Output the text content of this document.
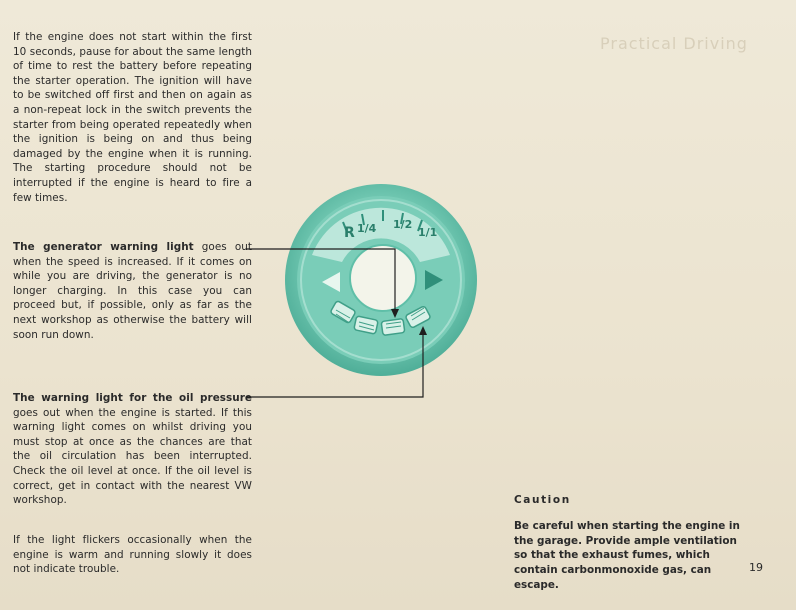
Practical Driving

If the engine does not start within the first 10 seconds, pause for about the same length of time to rest the battery before repeating the starter operation. The ignition will have to be switched off first and then on again as a non-repeat lock in the switch prevents the starter from being operated repeatedly when the ignition is being on and thus being damaged by the engine when it is running. The starting procedure should not be interrupted if the engine is heard to fire a few times.

The generator warning light goes out when the speed is increased. If it comes on while you are driving, the generator is no longer charging. In this case you can proceed but, if possible, only as far as the next workshop as otherwise the battery will soon run down.

The warning light for the oil pressure goes out when the engine is started. If this warning light comes on whilst driving you must stop at once as the chances are that the oil circulation has been interrupted. Check the oil level at once. If the oil level is correct, get in contact with the nearest VW workshop.

If the light flickers occasionally when the engine is warm and running slowly it does not indicate trouble.

R 1/4 1/2
1/1
Caution
Be careful when starting the engine in the garage. Provide ample ventilation so that the exhaust fumes, which contain carbonmonoxide gas, can escape.
19
